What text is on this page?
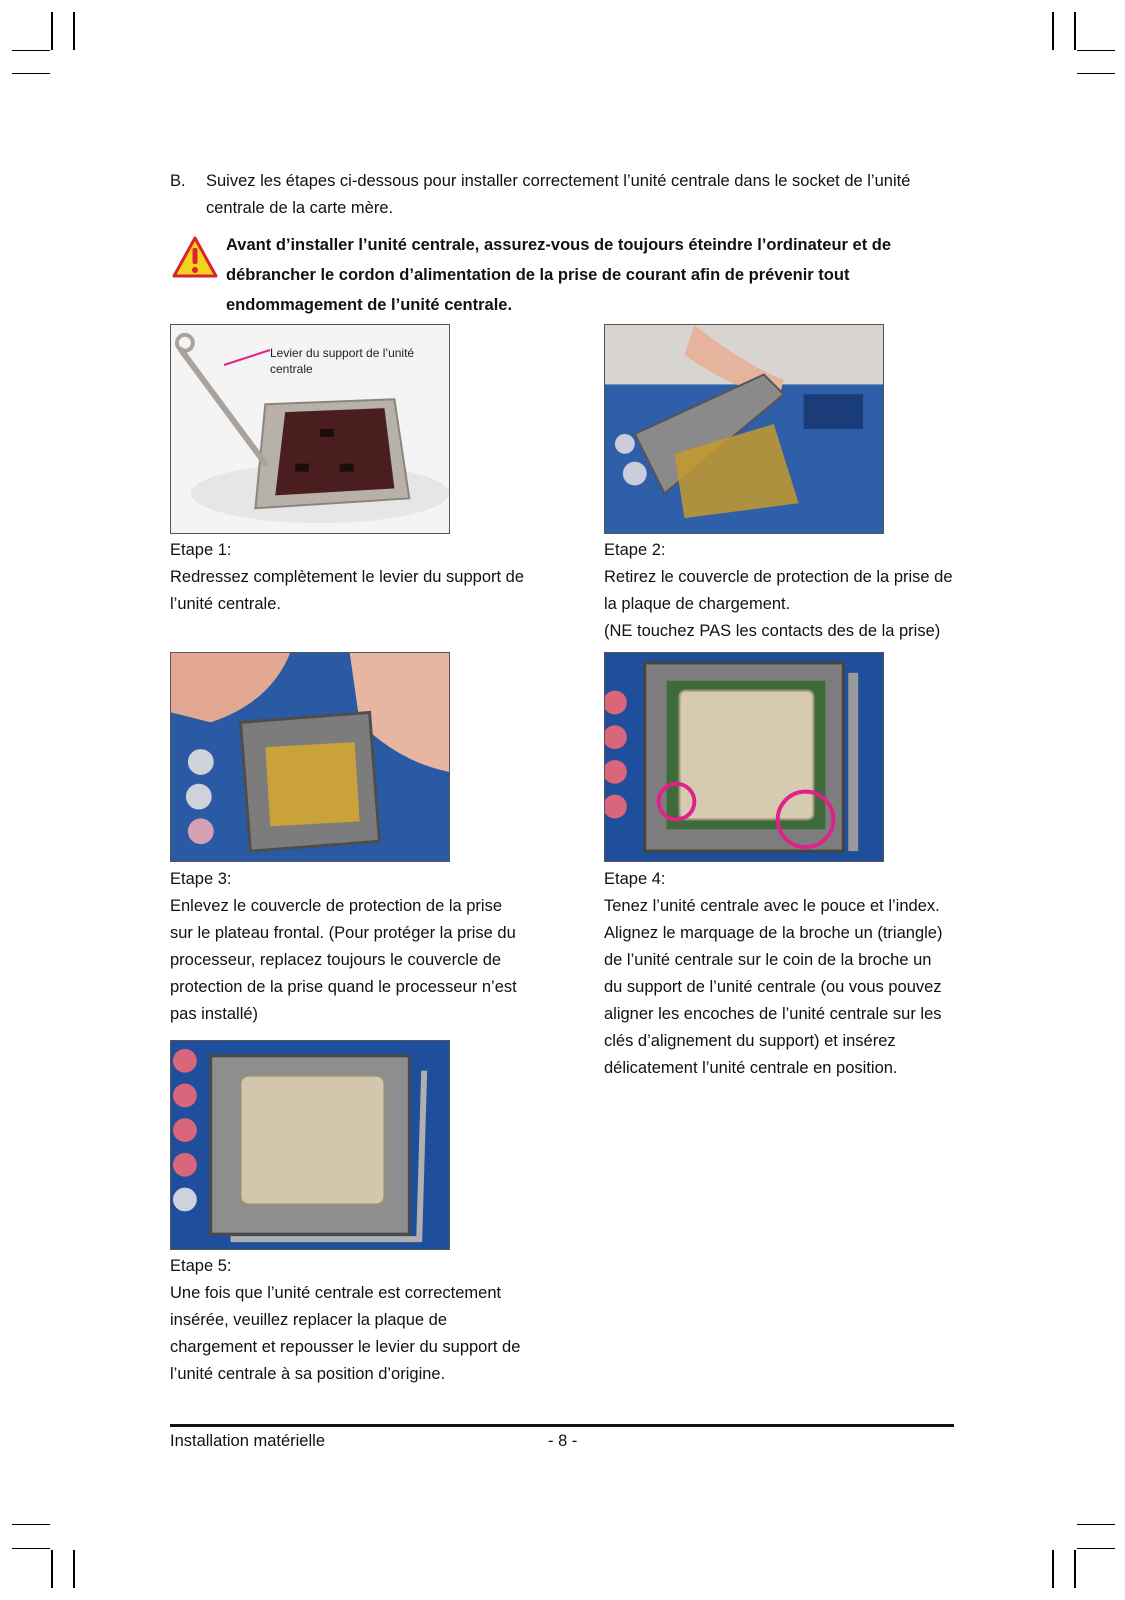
B. Suivez les étapes ci-dessous pour installer correctement l’unité centrale dans le socket de l’unité centrale de la carte mère.
Avant d’installer l’unité centrale, assurez-vous de toujours éteindre l’ordinateur et de débrancher le cordon d’alimentation de la prise de courant afin de prévenir tout endommagement de l’unité centrale.
Levier du support de l’unité centrale
Etape 1:
Redressez complètement le levier du support de l’unité centrale.
Etape 2:
Retirez le couvercle de protection de la prise de la plaque de chargement.
(NE touchez PAS les contacts des de la prise)
Etape 3:
Enlevez le couvercle de protection de la prise sur le plateau frontal. (Pour protéger la prise du processeur, replacez toujours le couvercle de protection de la prise quand le processeur n’est pas installé)
Etape 4:
Tenez l’unité centrale avec le pouce et l’index. Alignez le marquage de la broche un (triangle) de l’unité centrale sur le coin de la broche un du support de l’unité centrale (ou vous pouvez aligner les encoches de l’unité centrale sur les clés d’alignement du support) et insérez délicatement l’unité centrale en position.
Etape 5:
Une fois que l’unité centrale est correctement insérée, veuillez replacer la plaque de chargement et repousser le levier du support de l’unité centrale à sa position d’origine.
Installation matérielle	- 8 -
